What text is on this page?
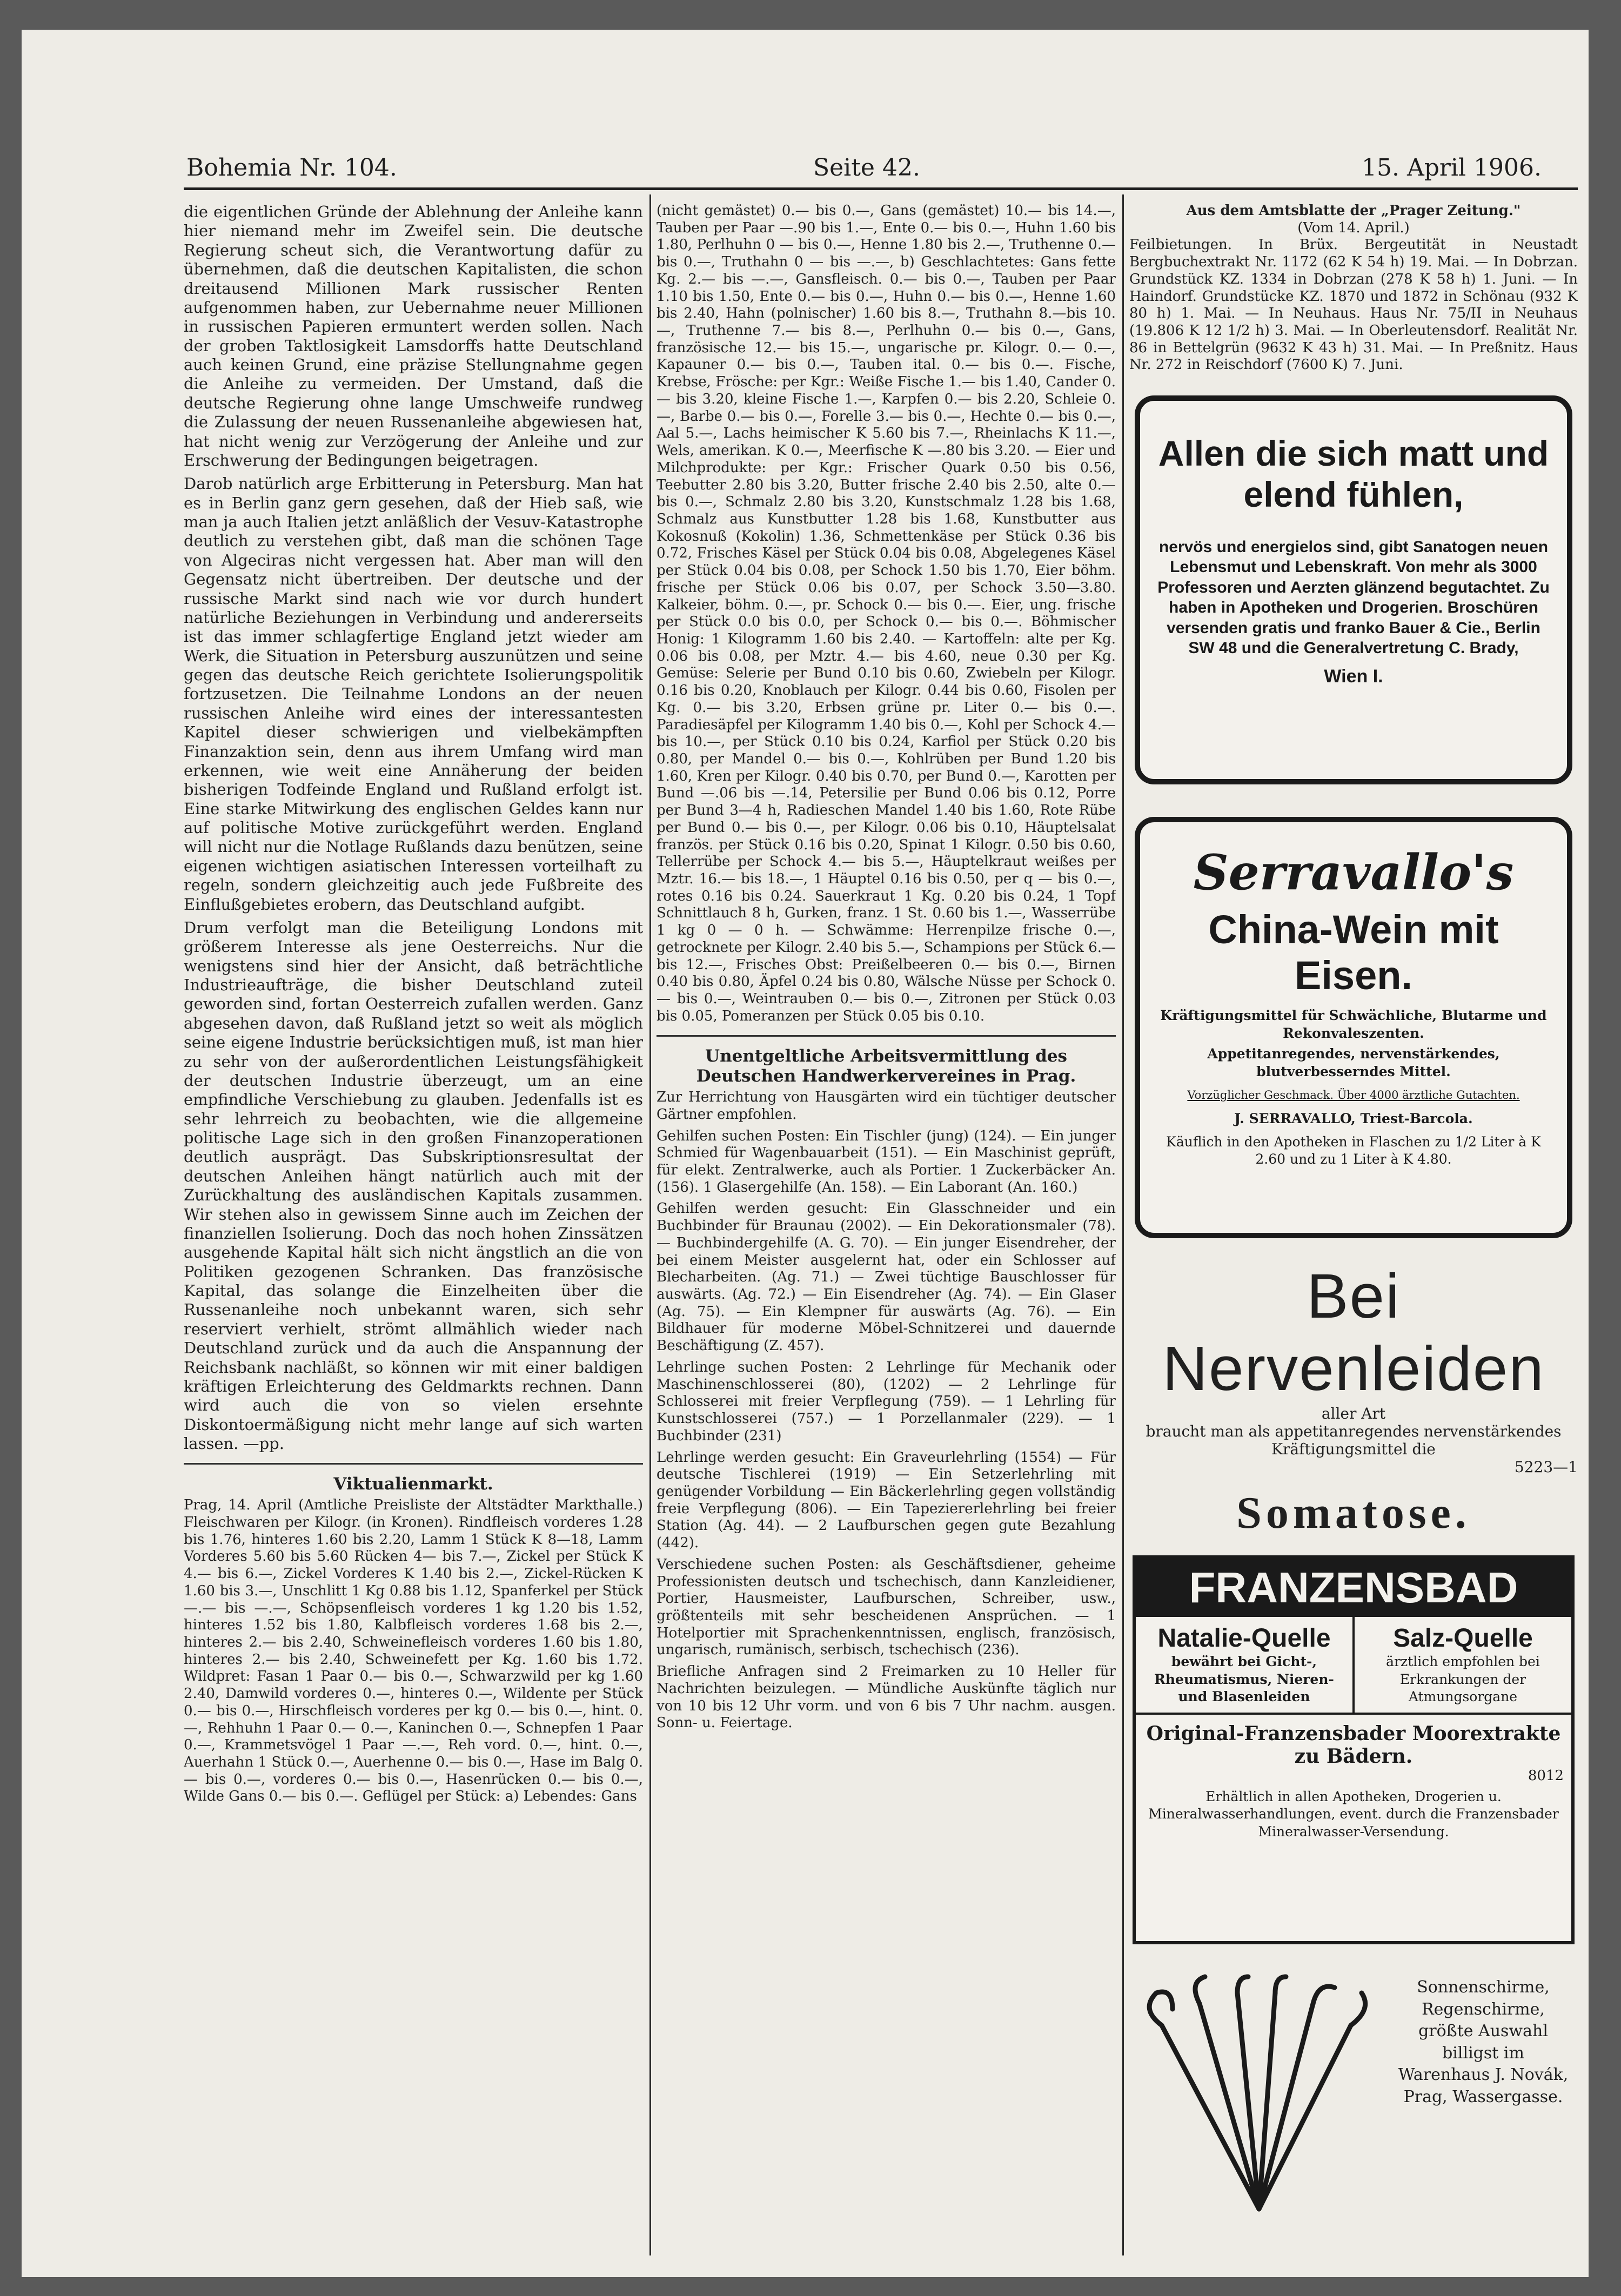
Bohemia Nr. 104.	Seite 42.	15. April 1906.

die eigentlichen Gründe der Ablehnung der Anleihe kann hier niemand mehr im Zweifel sein. Die deutsche Regierung scheut sich, die Verantwortung dafür zu übernehmen, daß die deutschen Kapitalisten, die schon dreitausend Millionen Mark russischer Renten aufgenommen haben, zur Uebernahme neuer Millionen in russischen Papieren ermuntert werden sollen. Nach der groben Taktlosigkeit Lamsdorffs hatte Deutschland auch keinen Grund, eine präzise Stellungnahme gegen die Anleihe zu vermeiden. Der Umstand, daß die deutsche Regierung ohne lange Umschweife rundweg die Zulassung der neuen Russenanleihe abgewiesen hat, hat nicht wenig zur Verzögerung der Anleihe und zur Erschwerung der Bedingungen beigetragen.

Darob natürlich arge Erbitterung in Petersburg. Man hat es in Berlin ganz gern gesehen, daß der Hieb saß, wie man ja auch Italien jetzt anläßlich der Vesuv-Katastrophe deutlich zu verstehen gibt, daß man die schönen Tage von Algeciras nicht vergessen hat. Aber man will den Gegensatz nicht übertreiben. Der deutsche und der russische Markt sind nach wie vor durch hundert natürliche Beziehungen in Verbindung und andererseits ist das immer schlagfertige England jetzt wieder am Werk, die Situation in Petersburg auszunützen und seine gegen das deutsche Reich gerichtete Isolierungspolitik fortzusetzen. Die Teilnahme Londons an der neuen russischen Anleihe wird eines der interessantesten Kapitel dieser schwierigen und vielbekämpften Finanzaktion sein, denn aus ihrem Umfang wird man erkennen, wie weit eine Annäherung der beiden bisherigen Todfeinde England und Rußland erfolgt ist. Eine starke Mitwirkung des englischen Geldes kann nur auf politische Motive zurückgeführt werden. England will nicht nur die Notlage Rußlands dazu benützen, seine eigenen wichtigen asiatischen Interessen vorteilhaft zu regeln, sondern gleichzeitig auch jede Fußbreite des Einflußgebietes erobern, das Deutschland aufgibt.

Drum verfolgt man die Beteiligung Londons mit größerem Interesse als jene Oesterreichs. Nur die wenigstens sind hier der Ansicht, daß beträchtliche Industrieaufträge, die bisher Deutschland zuteil geworden sind, fortan Oesterreich zufallen werden. Ganz abgesehen davon, daß Rußland jetzt so weit als möglich seine eigene Industrie berücksichtigen muß, ist man hier zu sehr von der außerordentlichen Leistungsfähigkeit der deutschen Industrie überzeugt, um an eine empfindliche Verschiebung zu glauben. Jedenfalls ist es sehr lehrreich zu beobachten, wie die allgemeine politische Lage sich in den großen Finanzoperationen deutlich ausprägt. Das Subskriptionsresultat der deutschen Anleihen hängt natürlich auch mit der Zurückhaltung des ausländischen Kapitals zusammen. Wir stehen also in gewissem Sinne auch im Zeichen der finanziellen Isolierung. Doch das noch hohen Zinssätzen ausgehende Kapital hält sich nicht ängstlich an die von Politiken gezogenen Schranken. Das französische Kapital, das solange die Einzelheiten über die Russenanleihe noch unbekannt waren, sich sehr reserviert verhielt, strömt allmählich wieder nach Deutschland zurück und da auch die Anspannung der Reichsbank nachläßt, so können wir mit einer baldigen kräftigen Erleichterung des Geldmarkts rechnen. Dann wird auch die von so vielen ersehnte Diskontoermäßigung nicht mehr lange auf sich warten lassen. —pp.

Viktualienmarkt.

Prag, 14. April (Amtliche Preisliste der Altstädter Markthalle.) Fleischwaren per Kilogr. (in Kronen). Rindfleisch vorderes 1.28 bis 1.76, hinteres 1.60 bis 2.20, Lamm 1 Stück K 8—18, Lamm Vorderes 5.60 bis 5.60 Rücken 4— bis 7.—, Zickel per Stück K 4.— bis 6.—, Zickel Vorderes K 1.40 bis 2.—, Zickel-Rücken K 1.60 bis 3.—, Unschlitt 1 Kg 0.88 bis 1.12, Spanferkel per Stück —.— bis —.—, Schöpsenfleisch vorderes 1 kg 1.20 bis 1.52, hinteres 1.52 bis 1.80, Kalbfleisch vorderes 1.68 bis 2.—, hinteres 2.— bis 2.40, Schweinefleisch vorderes 1.60 bis 1.80, hinteres 2.— bis 2.40, Schweinefett per Kg. 1.60 bis 1.72. Wildpret: Fasan 1 Paar 0.— bis 0.—, Schwarzwild per kg 1.60 2.40, Damwild vorderes 0.—, hinteres 0.—, Wildente per Stück 0.— bis 0.—, Hirschfleisch vorderes per kg 0.— bis 0.—, hint. 0.—, Rehhuhn 1 Paar 0.— 0.—, Kaninchen 0.—, Schnepfen 1 Paar 0.—, Krammetsvögel 1 Paar —.—, Reh vord. 0.—, hint. 0.—, Auerhahn 1 Stück 0.—, Auerhenne 0.— bis 0.—, Hase im Balg 0.— bis 0.—, vorderes 0.— bis 0.—, Hasenrücken 0.— bis 0.—, Wilde Gans 0.— bis 0.—. Geflügel per Stück: a) Lebendes: Gans

(nicht gemästet) 0.— bis 0.—, Gans (gemästet) 10.— bis 14.—, Tauben per Paar —.90 bis 1.—, Ente 0.— bis 0.—, Huhn 1.60 bis 1.80, Perlhuhn 0 — bis 0.—, Henne 1.80 bis 2.—, Truthenne 0.— bis 0.—, Truthahn 0 — bis —.—, b) Geschlachtetes: Gans fette Kg. 2.— bis —.—, Gansfleisch. 0.— bis 0.—, Tauben per Paar 1.10 bis 1.50, Ente 0.— bis 0.—, Huhn 0.— bis 0.—, Henne 1.60 bis 2.40, Hahn (polnischer) 1.60 bis 8.—, Truthahn 8.—bis 10.—, Truthenne 7.— bis 8.—, Perlhuhn 0.— bis 0.—, Gans, französische 12.— bis 15.—, ungarische pr. Kilogr. 0.— 0.—, Kapauner 0.— bis 0.—, Tauben ital. 0.— bis 0.—. Fische, Krebse, Frösche: per Kgr.: Weiße Fische 1.— bis 1.40, Cander 0.— bis 3.20, kleine Fische 1.—, Karpfen 0.— bis 2.20, Schleie 0.—, Barbe 0.— bis 0.—, Forelle 3.— bis 0.—, Hechte 0.— bis 0.—, Aal 5.—, Lachs heimischer K 5.60 bis 7.—, Rheinlachs K 11.—, Wels, amerikan. K 0.—, Meerfische K —.80 bis 3.20. — Eier und Milchprodukte: per Kgr.: Frischer Quark 0.50 bis 0.56, Teebutter 2.80 bis 3.20, Butter frische 2.40 bis 2.50, alte 0.— bis 0.—, Schmalz 2.80 bis 3.20, Kunstschmalz 1.28 bis 1.68, Schmalz aus Kunstbutter 1.28 bis 1.68, Kunstbutter aus Kokosnuß (Kokolin) 1.36, Schmettenkäse per Stück 0.36 bis 0.72, Frisches Käsel per Stück 0.04 bis 0.08, Abgelegenes Käsel per Stück 0.04 bis 0.08, per Schock 1.50 bis 1.70, Eier böhm. frische per Stück 0.06 bis 0.07, per Schock 3.50—3.80. Kalkeier, böhm. 0.—, pr. Schock 0.— bis 0.—. Eier, ung. frische per Stück 0.0 bis 0.0, per Schock 0.— bis 0.—. Böhmischer Honig: 1 Kilogramm 1.60 bis 2.40. — Kartoffeln: alte per Kg. 0.06 bis 0.08, per Mztr. 4.— bis 4.60, neue 0.30 per Kg. Gemüse: Selerie per Bund 0.10 bis 0.60, Zwiebeln per Kilogr. 0.16 bis 0.20, Knoblauch per Kilogr. 0.44 bis 0.60, Fisolen per Kg. 0.— bis 3.20, Erbsen grüne pr. Liter 0.— bis 0.—. Paradiesäpfel per Kilogramm 1.40 bis 0.—, Kohl per Schock 4.— bis 10.—, per Stück 0.10 bis 0.24, Karfiol per Stück 0.20 bis 0.80, per Mandel 0.— bis 0.—, Kohlrüben per Bund 1.20 bis 1.60, Kren per Kilogr. 0.40 bis 0.70, per Bund 0.—, Karotten per Bund —.06 bis —.14, Petersilie per Bund 0.06 bis 0.12, Porre per Bund 3—4 h, Radieschen Mandel 1.40 bis 1.60, Rote Rübe per Bund 0.— bis 0.—, per Kilogr. 0.06 bis 0.10, Häuptelsalat französ. per Stück 0.16 bis 0.20, Spinat 1 Kilogr. 0.50 bis 0.60, Tellerrübe per Schock 4.— bis 5.—, Häuptelkraut weißes per Mztr. 16.— bis 18.—, 1 Häuptel 0.16 bis 0.50, per q — bis 0.—, rotes 0.16 bis 0.24. Sauerkraut 1 Kg. 0.20 bis 0.24, 1 Topf Schnittlauch 8 h, Gurken, franz. 1 St. 0.60 bis 1.—, Wasserrübe 1 kg 0 — 0 h. — Schwämme: Herrenpilze frische 0.—, getrocknete per Kilogr. 2.40 bis 5.—, Schampions per Stück 6.— bis 12.—, Frisches Obst: Preißelbeeren 0.— bis 0.—, Birnen 0.40 bis 0.80, Äpfel 0.24 bis 0.80, Wälsche Nüsse per Schock 0.— bis 0.—, Weintrauben 0.— bis 0.—, Zitronen per Stück 0.03 bis 0.05, Pomeranzen per Stück 0.05 bis 0.10.

Unentgeltliche Arbeitsvermittlung des Deutschen Handwerkervereines in Prag.

Zur Herrichtung von Hausgärten wird ein tüchtiger deutscher Gärtner empfohlen.

Gehilfen suchen Posten: Ein Tischler (jung) (124). — Ein junger Schmied für Wagenbauarbeit (151). — Ein Maschinist geprüft, für elekt. Zentralwerke, auch als Portier. 1 Zuckerbäcker An. (156). 1 Glasergehilfe (An. 158). — Ein Laborant (An. 160.)

Gehilfen werden gesucht: Ein Glasschneider und ein Buchbinder für Braunau (2002). — Ein Dekorationsmaler (78). — Buchbindergehilfe (A. G. 70). — Ein junger Eisendreher, der bei einem Meister ausgelernt hat, oder ein Schlosser auf Blecharbeiten. (Ag. 71.) — Zwei tüchtige Bauschlosser für auswärts. (Ag. 72.) — Ein Eisendreher (Ag. 74). — Ein Glaser (Ag. 75). — Ein Klempner für auswärts (Ag. 76). — Ein Bildhauer für moderne Möbel-Schnitzerei und dauernde Beschäftigung (Z. 457).

Lehrlinge suchen Posten: 2 Lehrlinge für Mechanik oder Maschinenschlosserei (80), (1202) — 2 Lehrlinge für Schlosserei mit freier Verpflegung (759). — 1 Lehrling für Kunstschlosserei (757.) — 1 Porzellanmaler (229). — 1 Buchbinder (231)

Lehrlinge werden gesucht: Ein Graveurlehrling (1554) — Für deutsche Tischlerei (1919) — Ein Setzerlehrling mit genügender Vorbildung — Ein Bäckerlehrling gegen vollständig freie Verpflegung (806). — Ein Tapeziererlehrling bei freier Station (Ag. 44). — 2 Laufburschen gegen gute Bezahlung (442).

Verschiedene suchen Posten: als Geschäftsdiener, geheime Professionisten deutsch und tschechisch, dann Kanzleidiener, Portier, Hausmeister, Laufburschen, Schreiber, usw., größtenteils mit sehr bescheidenen Ansprüchen. — 1 Hotelportier mit Sprachenkenntnissen, englisch, französisch, ungarisch, rumänisch, serbisch, tschechisch (236).

Briefliche Anfragen sind 2 Freimarken zu 10 Heller für Nachrichten beizulegen. — Mündliche Auskünfte täglich nur von 10 bis 12 Uhr vorm. und von 6 bis 7 Uhr nachm. ausgen. Sonn- u. Feiertage.

Aus dem Amtsblatte der „Prager Zeitung."
(Vom 14. April.)

Feilbietungen. In Brüx. Bergeutität in Neustadt Bergbuchextrakt Nr. 1172 (62 K 54 h) 19. Mai. — In Dobrzan. Grundstück KZ. 1334 in Dobrzan (278 K 58 h) 1. Juni. — In Haindorf. Grundstücke KZ. 1870 und 1872 in Schönau (932 K 80 h) 1. Mai. — In Neuhaus. Haus Nr. 75/II in Neuhaus (19.806 K 12 1/2 h) 3. Mai. — In Oberleutensdorf. Realität Nr. 86 in Bettelgrün (9632 K 43 h) 31. Mai. — In Preßnitz. Haus Nr. 272 in Reischdorf (7600 K) 7. Juni.

Allen die sich matt und elend fühlen,
nervös und energielos sind, gibt Sanatogen neuen Lebensmut und Lebenskraft. Von mehr als 3000 Professoren und Aerzten glänzend begutachtet. Zu haben in Apotheken und Drogerien. Broschüren versenden gratis und franko Bauer & Cie., Berlin SW 48 und die Generalvertretung C. Brady,
Wien I.
Serravallo's
China-Wein mit Eisen.
Kräftigungsmittel für Schwächliche, Blutarme und Rekonvaleszenten.
Appetitanregendes, nervenstärkendes, blutverbesserndes Mittel.
Vorzüglicher Geschmack. Über 4000 ärztliche Gutachten.
J. SERRAVALLO, Triest-Barcola.
Käuflich in den Apotheken in Flaschen zu 1/2 Liter à K 2.60 und zu 1 Liter à K 4.80.
Bei Nervenleiden
aller Art
braucht man als appetitanregendes nervenstärkendes Kräftigungsmittel die
5223—1
Somatose.
FRANZENSBAD
Natalie-Quelle
bewährt bei Gicht-, Rheumatismus, Nieren- und Blasenleiden
Salz-Quelle
ärztlich empfohlen bei Erkrankungen der Atmungsorgane
Original-Franzensbader Moorextrakte zu Bädern.
8012
Erhältlich in allen Apotheken, Drogerien u. Mineralwasserhandlungen, event. durch die Franzensbader Mineralwasser-Versendung.
Sonnenschirme, Regenschirme, größte Auswahl billigst im Warenhaus J. Novák, Prag, Wassergasse.
